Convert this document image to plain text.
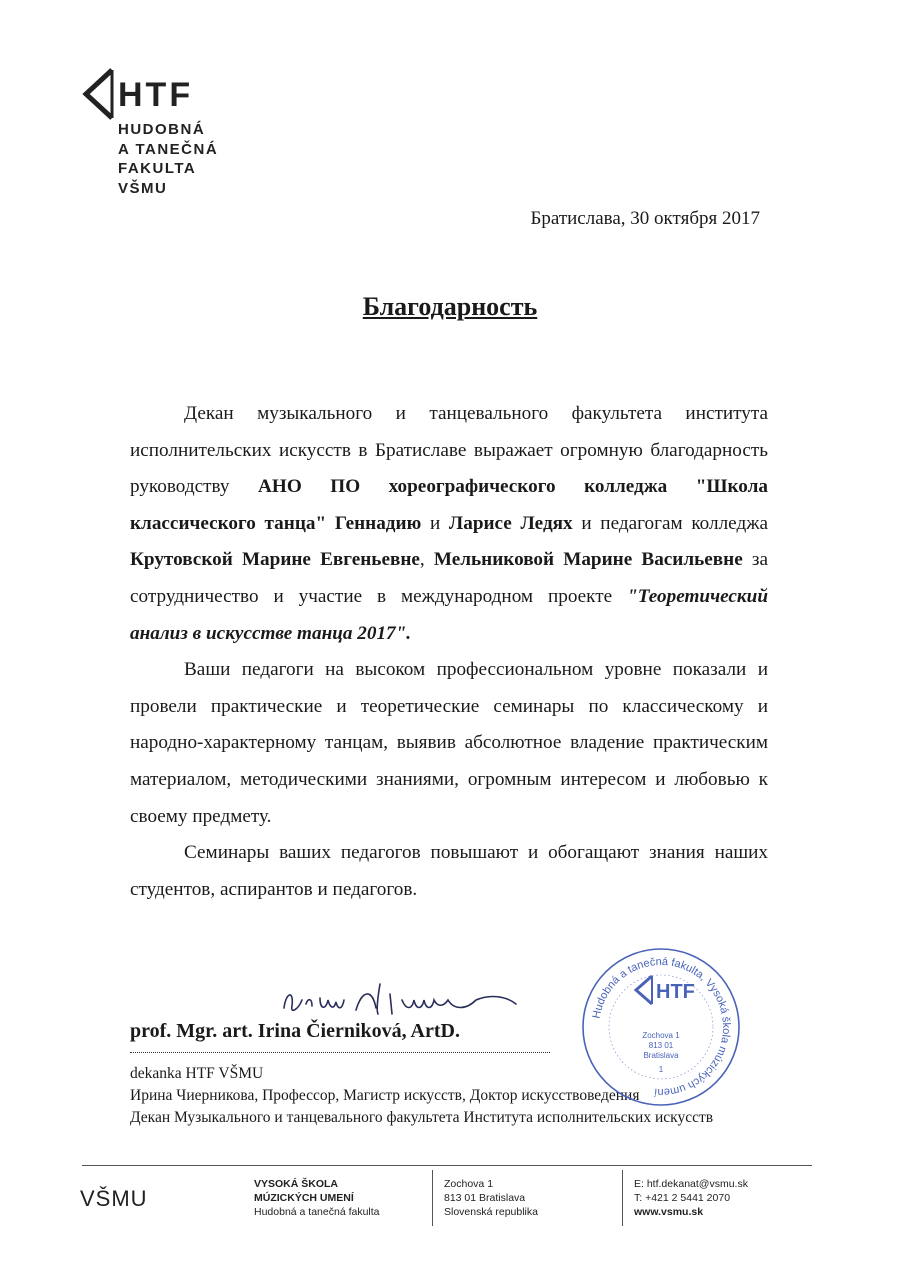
HTF
HUDOBNÁ
A TANEČNÁ
FAKULTA
VŠMU
Братислава, 30 октября 2017
Благодарность

Декан музыкального и танцевального факультета института исполнительских искусств в Братиславе выражает огромную благодарность руководству АНО ПО хореографического колледжа "Школа классического танца" Геннадию и Ларисе Ледях и педагогам колледжа Крутовской Марине Евгеньевне, Мельниковой Марине Васильевне за сотрудничество и участие в международном проекте "Теоретический анализ в искусстве танца 2017".

Ваши педагоги на высоком профессиональном уровне показали и провели практические и теоретические семинары по классическому и народно-характерному танцам, выявив абсолютное владение практическим материалом, методическими знаниями, огромным интересом и любовью к своему предмету.

Семинары ваших педагогов повышают и обогащают знания наших студентов, аспирантов и педагогов.

prof. Mgr. art. Irina Čierniková, ArtD.
dekanka HTF VŠMU
Ирина Чиерникова, Профессор, Магистр искусств, Доктор искусствоведения
Декан Музыкального и танцевального факультета Института исполнительских искусств
Hudobná a tanečná fakulta, Vysoká škola múzických umení
HTF
Zochova 1
813 01
Bratislava
1
VŠMU
VYSOKÁ ŠKOLA
MÚZICKÝCH UMENÍ
Hudobná a tanečná fakulta
Zochova 1
813 01 Bratislava
Slovenská republika
E: htf.dekanat@vsmu.sk
T: +421 2 5441 2070
www.vsmu.sk
